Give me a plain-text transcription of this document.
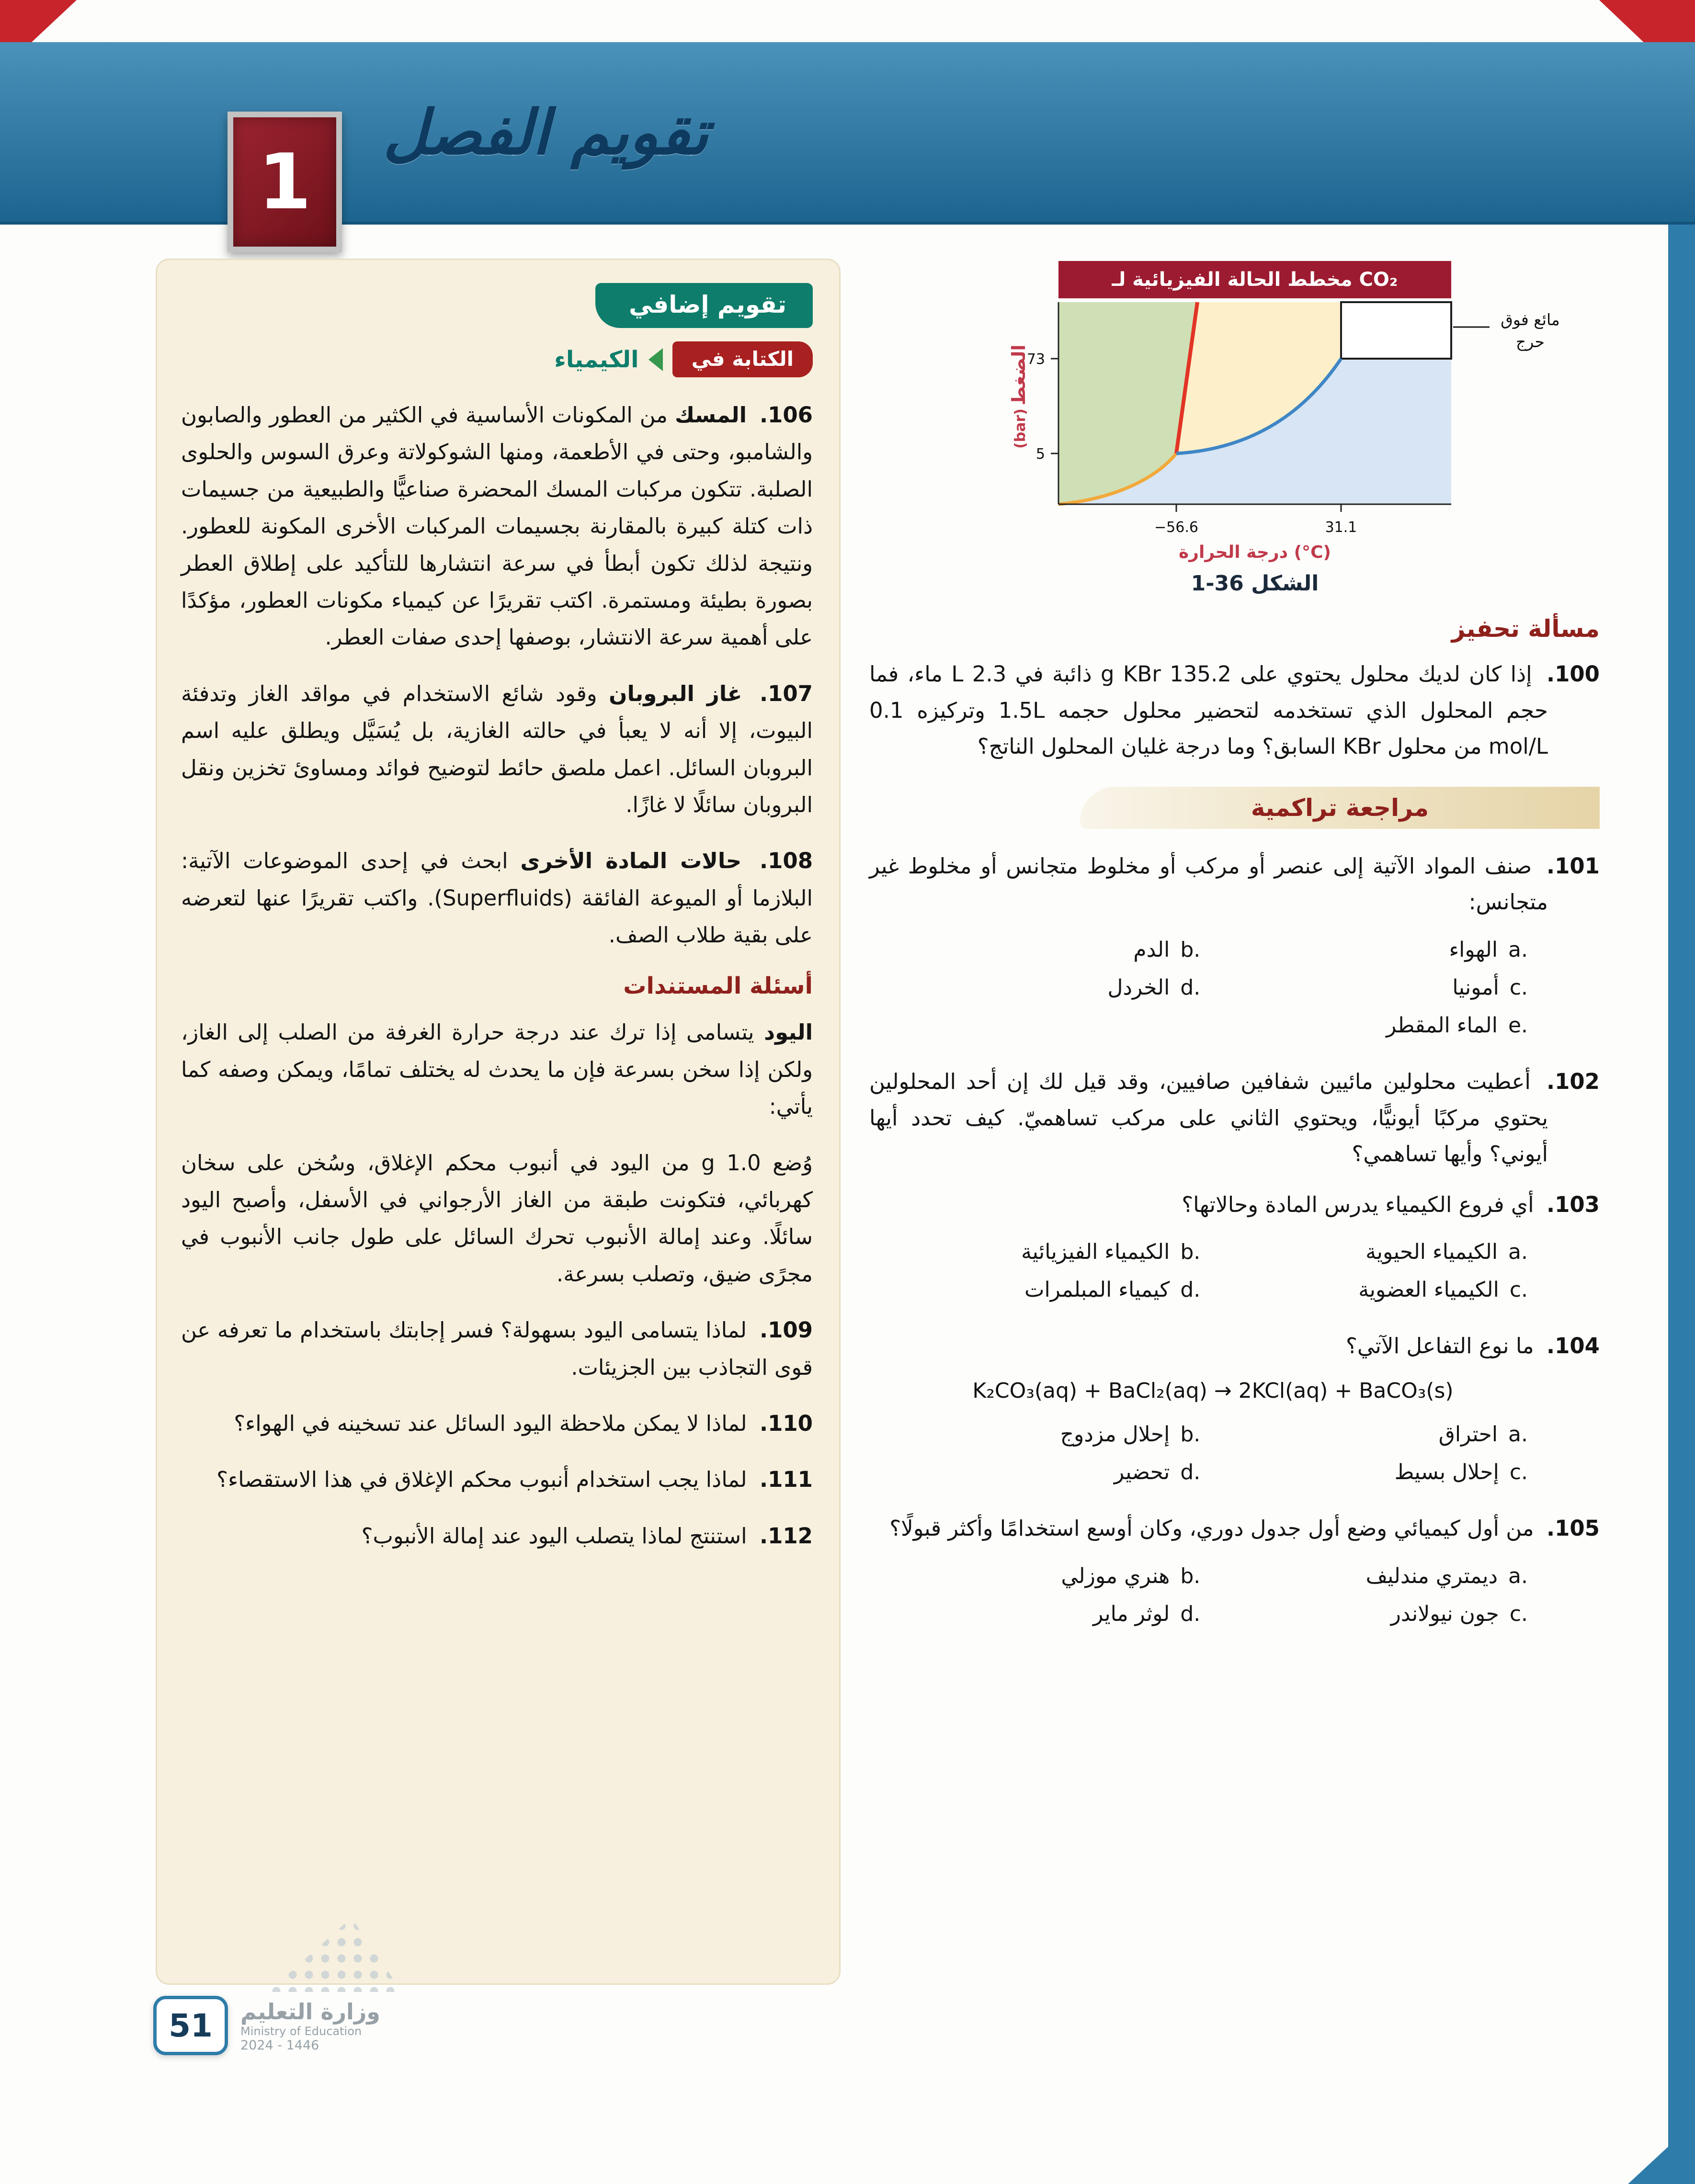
1
تقويم الفصل
تقويم إضافي
الكتابة في
الكيمياء

106. المسك من المكونات الأساسية في الكثير من العطور والصابون والشامبو، وحتى في الأطعمة، ومنها الشوكولاتة وعرق السوس والحلوى الصلبة. تتكون مركبات المسك المحضرة صناعيًّا والطبيعية من جسيمات ذات كتلة كبيرة بالمقارنة بجسيمات المركبات الأخرى المكونة للعطور. ونتيجة لذلك تكون أبطأ في سرعة انتشارها للتأكيد على إطلاق العطر بصورة بطيئة ومستمرة. اكتب تقريرًا عن كيمياء مكونات العطور، مؤكدًا على أهمية سرعة الانتشار، بوصفها إحدى صفات العطر.

107. غاز البروبان وقود شائع الاستخدام في مواقد الغاز وتدفئة البيوت، إلا أنه لا يعبأ في حالته الغازية، بل يُسَيَّل ويطلق عليه اسم البروبان السائل. اعمل ملصق حائط لتوضيح فوائد ومساوئ تخزين ونقل البروبان سائلًا لا غازًا.

108. حالات المادة الأخرى ابحث في إحدى الموضوعات الآتية: البلازما أو الميوعة الفائقة (Superfluids). واكتب تقريرًا عنها لتعرضه على بقية طلاب الصف.

أسئلة المستندات

اليود يتسامى إذا ترك عند درجة حرارة الغرفة من الصلب إلى الغاز، ولكن إذا سخن بسرعة فإن ما يحدث له يختلف تمامًا، ويمكن وصفه كما يأتي:

وُضع 1.0 g من اليود في أنبوب محكم الإغلاق، وسُخن على سخان كهربائي، فتكونت طبقة من الغاز الأرجواني في الأسفل، وأصبح اليود سائلًا. وعند إمالة الأنبوب تحرك السائل على طول جانب الأنبوب في مجرًى ضيق، وتصلب بسرعة.

109. لماذا يتسامى اليود بسهولة؟ فسر إجابتك باستخدام ما تعرفه عن قوى التجاذب بين الجزيئات.

110. لماذا لا يمكن ملاحظة اليود السائل عند تسخينه في الهواء؟

111. لماذا يجب استخدام أنبوب محكم الإغلاق في هذا الاستقصاء؟

112. استنتج لماذا يتصلب اليود عند إمالة الأنبوب؟

مخطط الحالة الفيزيائية لـ CO₂
73
5
−56.6	31.1
الضغط
(bar)
درجة الحرارة (°C)
مائع فوق
حرج
الشكل 36-1
مسألة تحفيز

100. إذا كان لديك محلول يحتوي على 135.2 g KBr ذائبة في 2.3 L ماء، فما حجم المحلول الذي تستخدمه لتحضير محلول حجمه 1.5L وتركيزه 0.1 mol/L من محلول KBr السابق؟ وما درجة غليان المحلول الناتج؟

مراجعة تراكمية

101. صنف المواد الآتية إلى عنصر أو مركب أو مخلوط متجانس أو مخلوط غير متجانس:

a.
الهواء
b.
الدم
c.
أمونيا
d.
الخردل
e.
الماء المقطر

102. أعطيت محلولين مائيين شفافين صافيين، وقد قيل لك إن أحد المحلولين يحتوي مركبًا أيونيًّا، ويحتوي الثاني على مركب تساهميّ. كيف تحدد أيها أيوني؟ وأيها تساهمي؟

103. أي فروع الكيمياء يدرس المادة وحالاتها؟

a.
الكيمياء الحيوية
b.
الكيمياء الفيزيائية
c.
الكيمياء العضوية
d.
كيمياء المبلمرات

104. ما نوع التفاعل الآتي؟

K₂CO₃(aq) + BaCl₂(aq) → 2KCl(aq) + BaCO₃(s)
a.
احتراق
b.
إحلال مزدوج
c.
إحلال بسيط
d.
تحضير

105. من أول كيميائي وضع أول جدول دوري، وكان أوسع استخدامًا وأكثر قبولًا؟

a.
ديمتري مندليف
b.
هنري موزلي
c.
جون نيولاندر
d.
لوثر ماير
51 وزارة التعليم
Ministry of Education
2024 - 1446
